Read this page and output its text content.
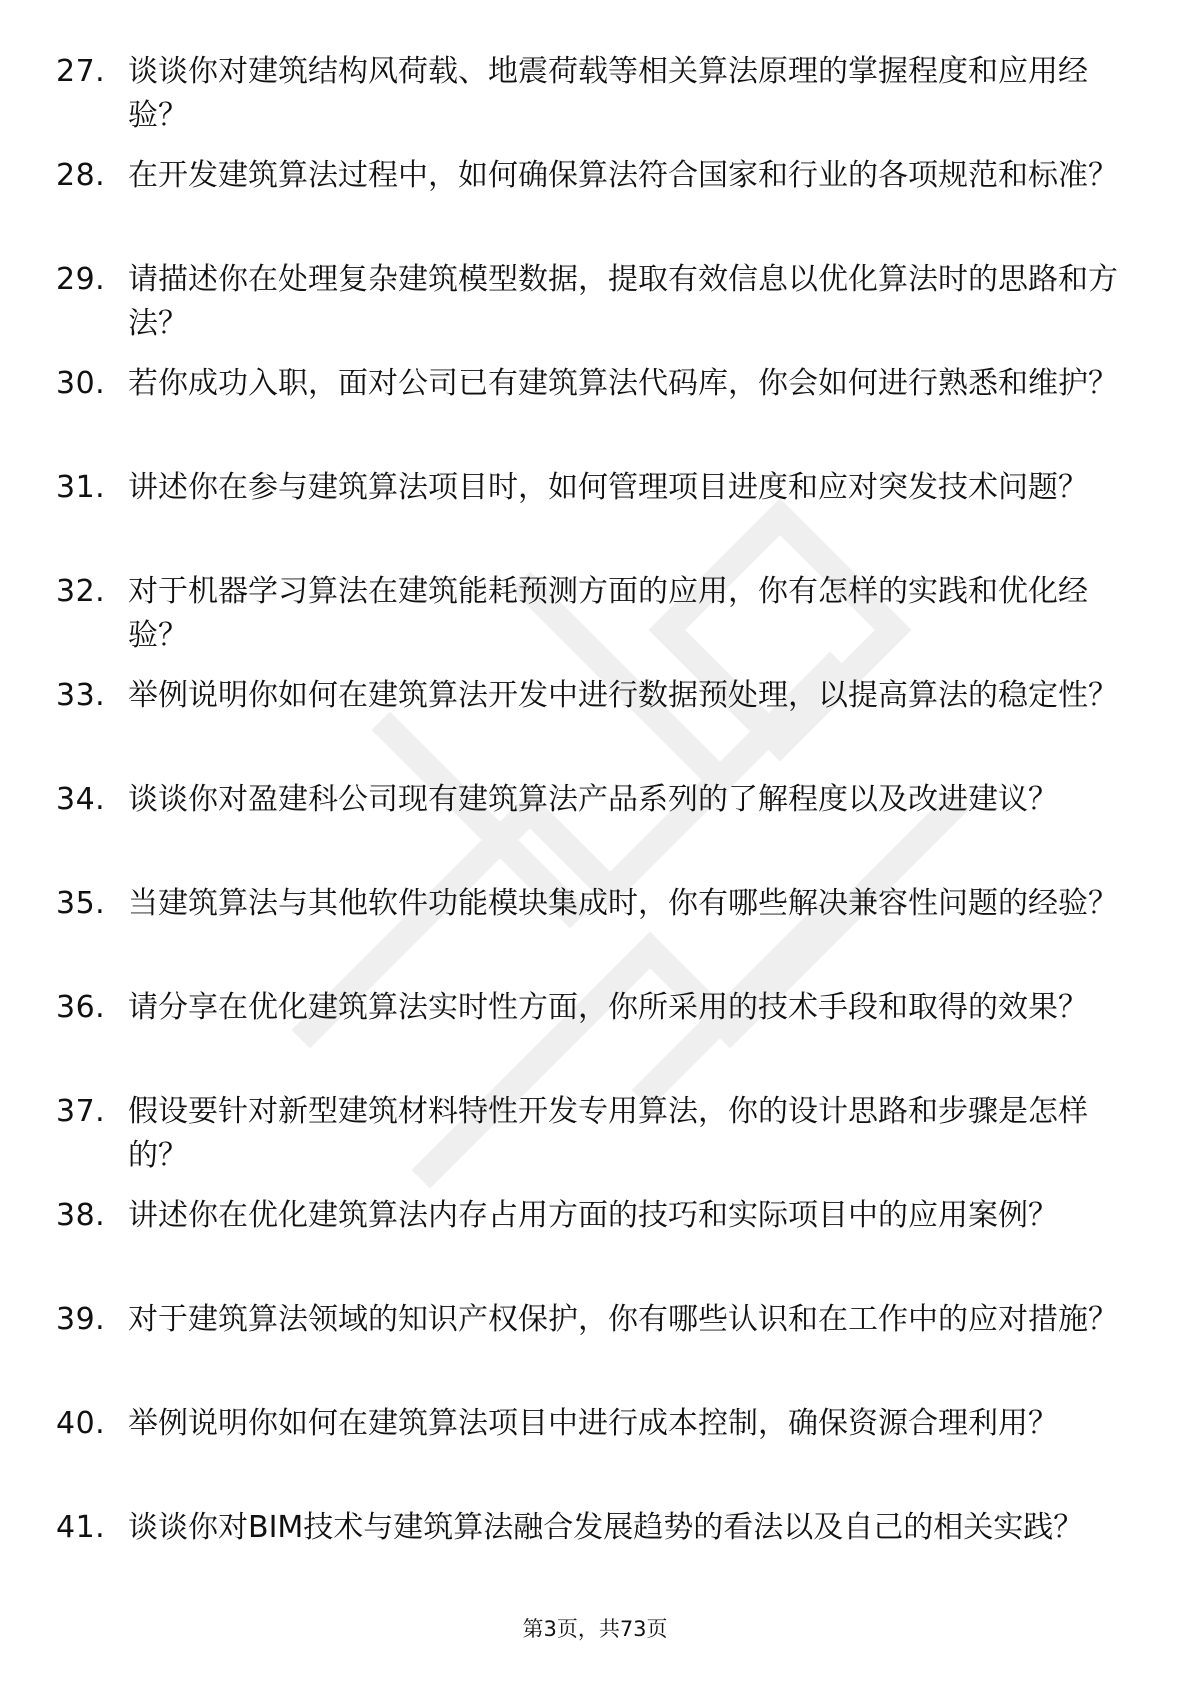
27. 谈谈你对建筑结构风荷载、地震荷载等相关算法原理的掌握程度和应用经验？
28. 在开发建筑算法过程中，如何确保算法符合国家和行业的各项规范和标准？
29. 请描述你在处理复杂建筑模型数据，提取有效信息以优化算法时的思路和方法？
30. 若你成功入职，面对公司已有建筑算法代码库，你会如何进行熟悉和维护？
31. 讲述你在参与建筑算法项目时，如何管理项目进度和应对突发技术问题？
32. 对于机器学习算法在建筑能耗预测方面的应用，你有怎样的实践和优化经验？
33. 举例说明你如何在建筑算法开发中进行数据预处理，以提高算法的稳定性？
34. 谈谈你对盈建科公司现有建筑算法产品系列的了解程度以及改进建议？
35. 当建筑算法与其他软件功能模块集成时，你有哪些解决兼容性问题的经验？
36. 请分享在优化建筑算法实时性方面，你所采用的技术手段和取得的效果？
37. 假设要针对新型建筑材料特性开发专用算法，你的设计思路和步骤是怎样的？
38. 讲述你在优化建筑算法内存占用方面的技巧和实际项目中的应用案例？
39. 对于建筑算法领域的知识产权保护，你有哪些认识和在工作中的应对措施？
40. 举例说明你如何在建筑算法项目中进行成本控制，确保资源合理利用？
41. 谈谈你对BIM技术与建筑算法融合发展趋势的看法以及自己的相关实践？
第3页，共73页
